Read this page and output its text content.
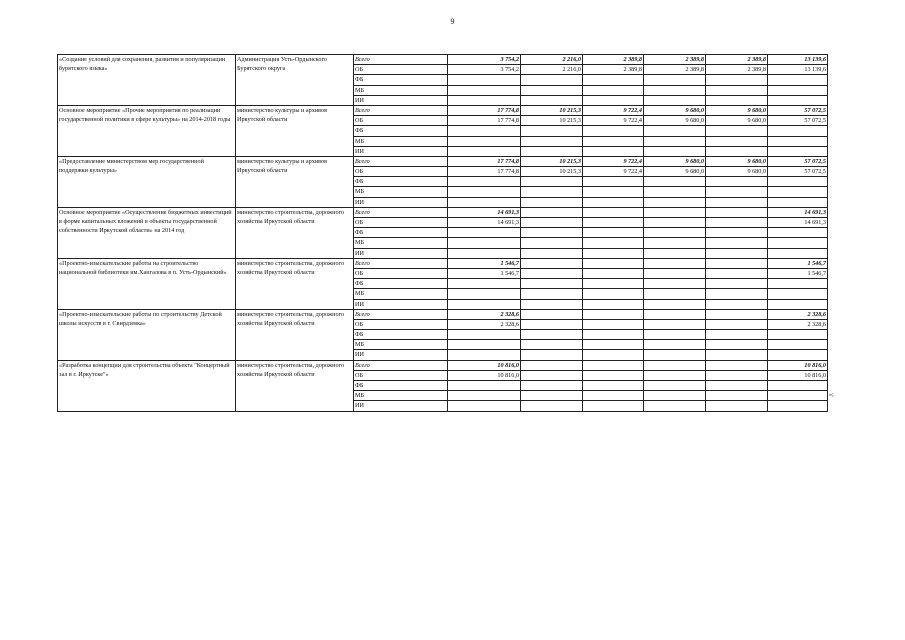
9
«Создание условий для сохранения, развития и популяризации бурятского языка»	Администрация Усть-Ордынского Бурятского округа	Всего	3 754,2	2 216,0	2 389,8	2 389,8	2 389,8	13 139,6
		ОБ	3 754,2	2 216,0	2 389,8	2 389,8	2 389,8	13 139,6
		ФБ						
		МБ						
		ИИ						
Основное мероприятие «Прочие мероприятия по реализации государственной политики в сфере культуры» на 2014-2018 годы	министерство культуры и архивов Иркутской области	Всего	17 774,8	10 215,3	9 722,4	9 680,0	9 680,0	57 072,5
		ОБ	17 774,8	10 215,3	9 722,4	9 680,0	9 680,0	57 072,5
		ФБ						
		МБ						
		ИИ						
«Предоставление министерством мер государственной поддержки культуры»	министерство культуры и архивов Иркутской области	Всего	17 774,8	10 215,3	9 722,4	9 680,0	9 680,0	57 072,5
		ОБ	17 774,8	10 215,3	9 722,4	9 680,0	9 680,0	57 072,5
		ФБ						
		МБ						
		ИИ						
Основное мероприятие «Осуществление бюджетных инвестиций в форме капитальных вложений в объекты государственной собственности Иркутской области» на 2014 год	министерство строительства, дорожного хозяйства Иркутской области	Всего	14 691,3					14 691,3
		ОБ	14 691,3					14 691,3
		ФБ						
		МБ						
		ИИ						
«Проектно-изыскательские работы на строительство национальной библиотеки им.Хангалова в п. Усть-Ордынский»	министерство строительства, дорожного хозяйства Иркутской области	Всего	1 546,7					1 546,7
		ОБ	1 546,7					1 546,7
		ФБ						
		МБ						
		ИИ						
«Проектно-изыскательские работы по строительству Детской школы искусств в г. Свирдзевка»	министерство строительства, дорожного хозяйства Иркутской области	Всего	2 328,6					2 328,6
		ОБ	2 328,6					2 328,6
		ФБ						
		МБ						
		ИИ						
«Разработка концепции для строительства объекта "Концертный зал в г. Иркутске"»	министерство строительства, дорожного хозяйства Иркутской области	Всего	10 816,0					10 816,0
		ОБ	10 816,0					10 816,0
		ФБ						
		МБ						
		ИИ						
»;
